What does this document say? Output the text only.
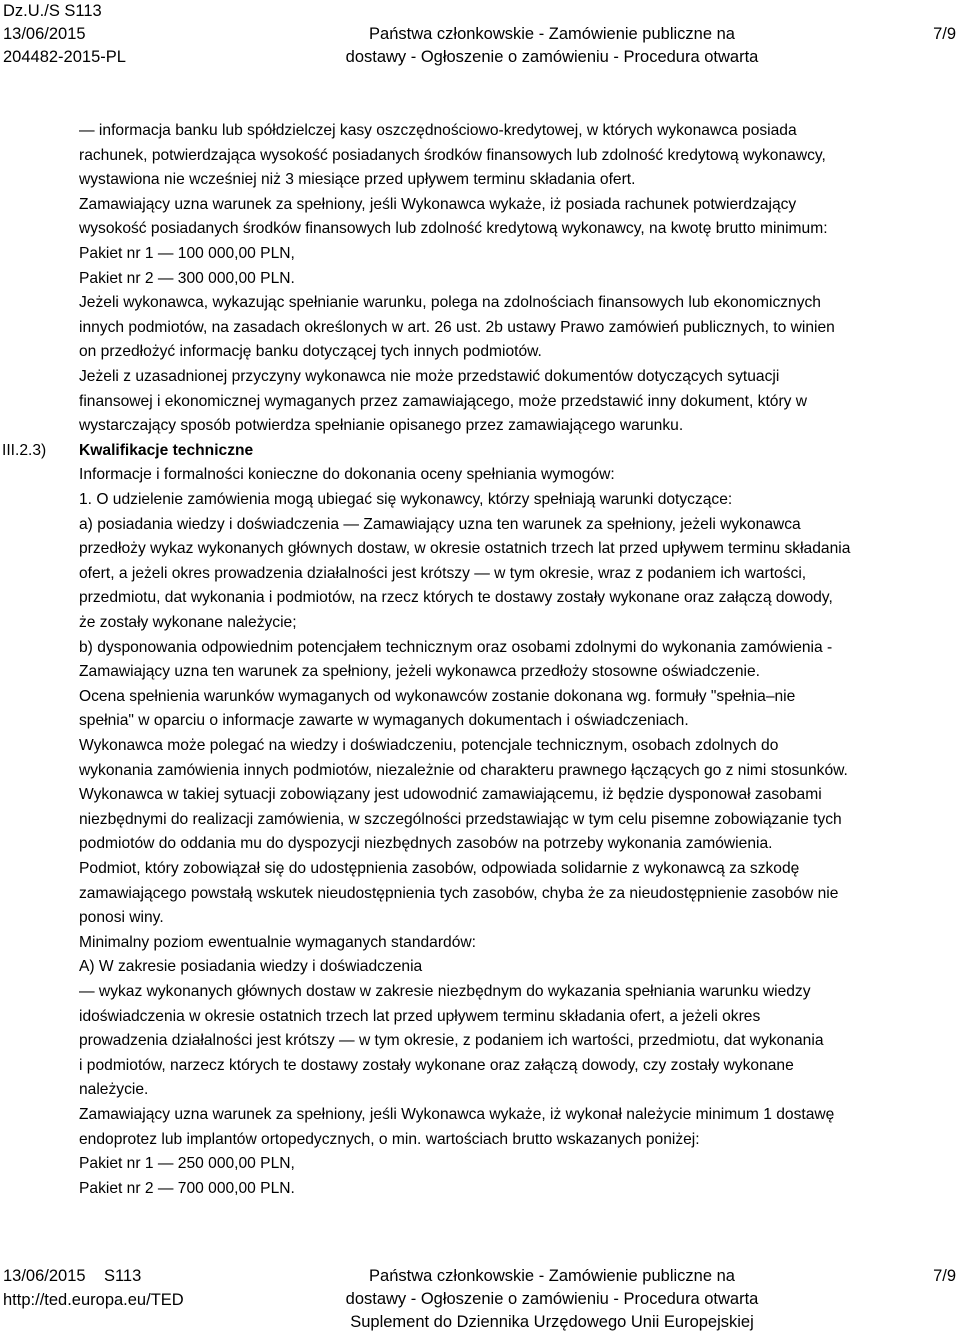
Dz.U./S S113
13/06/2015
204482-2015-PL
Państwa członkowskie - Zamówienie publiczne na
dostawy - Ogłoszenie o zamówieniu - Procedura otwarta
7/9
III.2.3)
— informacja banku lub spółdzielczej kasy oszczędnościowo-kredytowej, w których wykonawca posiada
rachunek, potwierdzająca wysokość posiadanych środków finansowych lub zdolność kredytową wykonawcy,
wystawiona nie wcześniej niż 3 miesiące przed upływem terminu składania ofert.
Zamawiający uzna warunek za spełniony, jeśli Wykonawca wykaże, iż posiada rachunek potwierdzający
wysokość posiadanych środków finansowych lub zdolność kredytową wykonawcy, na kwotę brutto minimum:
Pakiet nr 1 — 100 000,00 PLN,
Pakiet nr 2 — 300 000,00 PLN.
Jeżeli wykonawca, wykazując spełnianie warunku, polega na zdolnościach finansowych lub ekonomicznych
innych podmiotów, na zasadach określonych w art. 26 ust. 2b ustawy Prawo zamówień publicznych, to winien
on przedłożyć informację banku dotyczącej tych innych podmiotów.
Jeżeli z uzasadnionej przyczyny wykonawca nie może przedstawić dokumentów dotyczących sytuacji
finansowej i ekonomicznej wymaganych przez zamawiającego, może przedstawić inny dokument, który w
wystarczający sposób potwierdza spełnianie opisanego przez zamawiającego warunku.
Kwalifikacje techniczne
Informacje i formalności konieczne do dokonania oceny spełniania wymogów:
1. O udzielenie zamówienia mogą ubiegać się wykonawcy, którzy spełniają warunki dotyczące:
a) posiadania wiedzy i doświadczenia — Zamawiający uzna ten warunek za spełniony, jeżeli wykonawca
przedłoży wykaz wykonanych głównych dostaw, w okresie ostatnich trzech lat przed upływem terminu składania
ofert, a jeżeli okres prowadzenia działalności jest krótszy — w tym okresie, wraz z podaniem ich wartości,
przedmiotu, dat wykonania i podmiotów, na rzecz których te dostawy zostały wykonane oraz załączą dowody,
że zostały wykonane należycie;
b) dysponowania odpowiednim potencjałem technicznym oraz osobami zdolnymi do wykonania zamówienia -
Zamawiający uzna ten warunek za spełniony, jeżeli wykonawca przedłoży stosowne oświadczenie.
Ocena spełnienia warunków wymaganych od wykonawców zostanie dokonana wg. formuły "spełnia–nie
spełnia" w oparciu o informacje zawarte w wymaganych dokumentach i oświadczeniach.
Wykonawca może polegać na wiedzy i doświadczeniu, potencjale technicznym, osobach zdolnych do
wykonania zamówienia innych podmiotów, niezależnie od charakteru prawnego łączących go z nimi stosunków.
Wykonawca w takiej sytuacji zobowiązany jest udowodnić zamawiającemu, iż będzie dysponował zasobami
niezbędnymi do realizacji zamówienia, w szczególności przedstawiając w tym celu pisemne zobowiązanie tych
podmiotów do oddania mu do dyspozycji niezbędnych zasobów na potrzeby wykonania zamówienia.
Podmiot, który zobowiązał się do udostępnienia zasobów, odpowiada solidarnie z wykonawcą za szkodę
zamawiającego powstałą wskutek nieudostępnienia tych zasobów, chyba że za nieudostępnienie zasobów nie
ponosi winy.
Minimalny poziom ewentualnie wymaganych standardów:
A) W zakresie posiadania wiedzy i doświadczenia
— wykaz wykonanych głównych dostaw w zakresie niezbędnym do wykazania spełniania warunku wiedzy
idoświadczenia w okresie ostatnich trzech lat przed upływem terminu składania ofert, a jeżeli okres
prowadzenia działalności jest krótszy — w tym okresie, z podaniem ich wartości, przedmiotu, dat wykonania
i podmiotów, narzecz których te dostawy zostały wykonane oraz załączą dowody, czy zostały wykonane
należycie.
Zamawiający uzna warunek za spełniony, jeśli Wykonawca wykaże, iż wykonał należycie minimum 1 dostawę
endoprotez lub implantów ortopedycznych, o min. wartościach brutto wskazanych poniżej:
Pakiet nr 1 — 250 000,00 PLN,
Pakiet nr 2 — 700 000,00 PLN.
13/06/2015 S113
http://ted.europa.eu/TED
Państwa członkowskie - Zamówienie publiczne na
dostawy - Ogłoszenie o zamówieniu - Procedura otwarta
Suplement do Dziennika Urzędowego Unii Europejskiej
7/9
